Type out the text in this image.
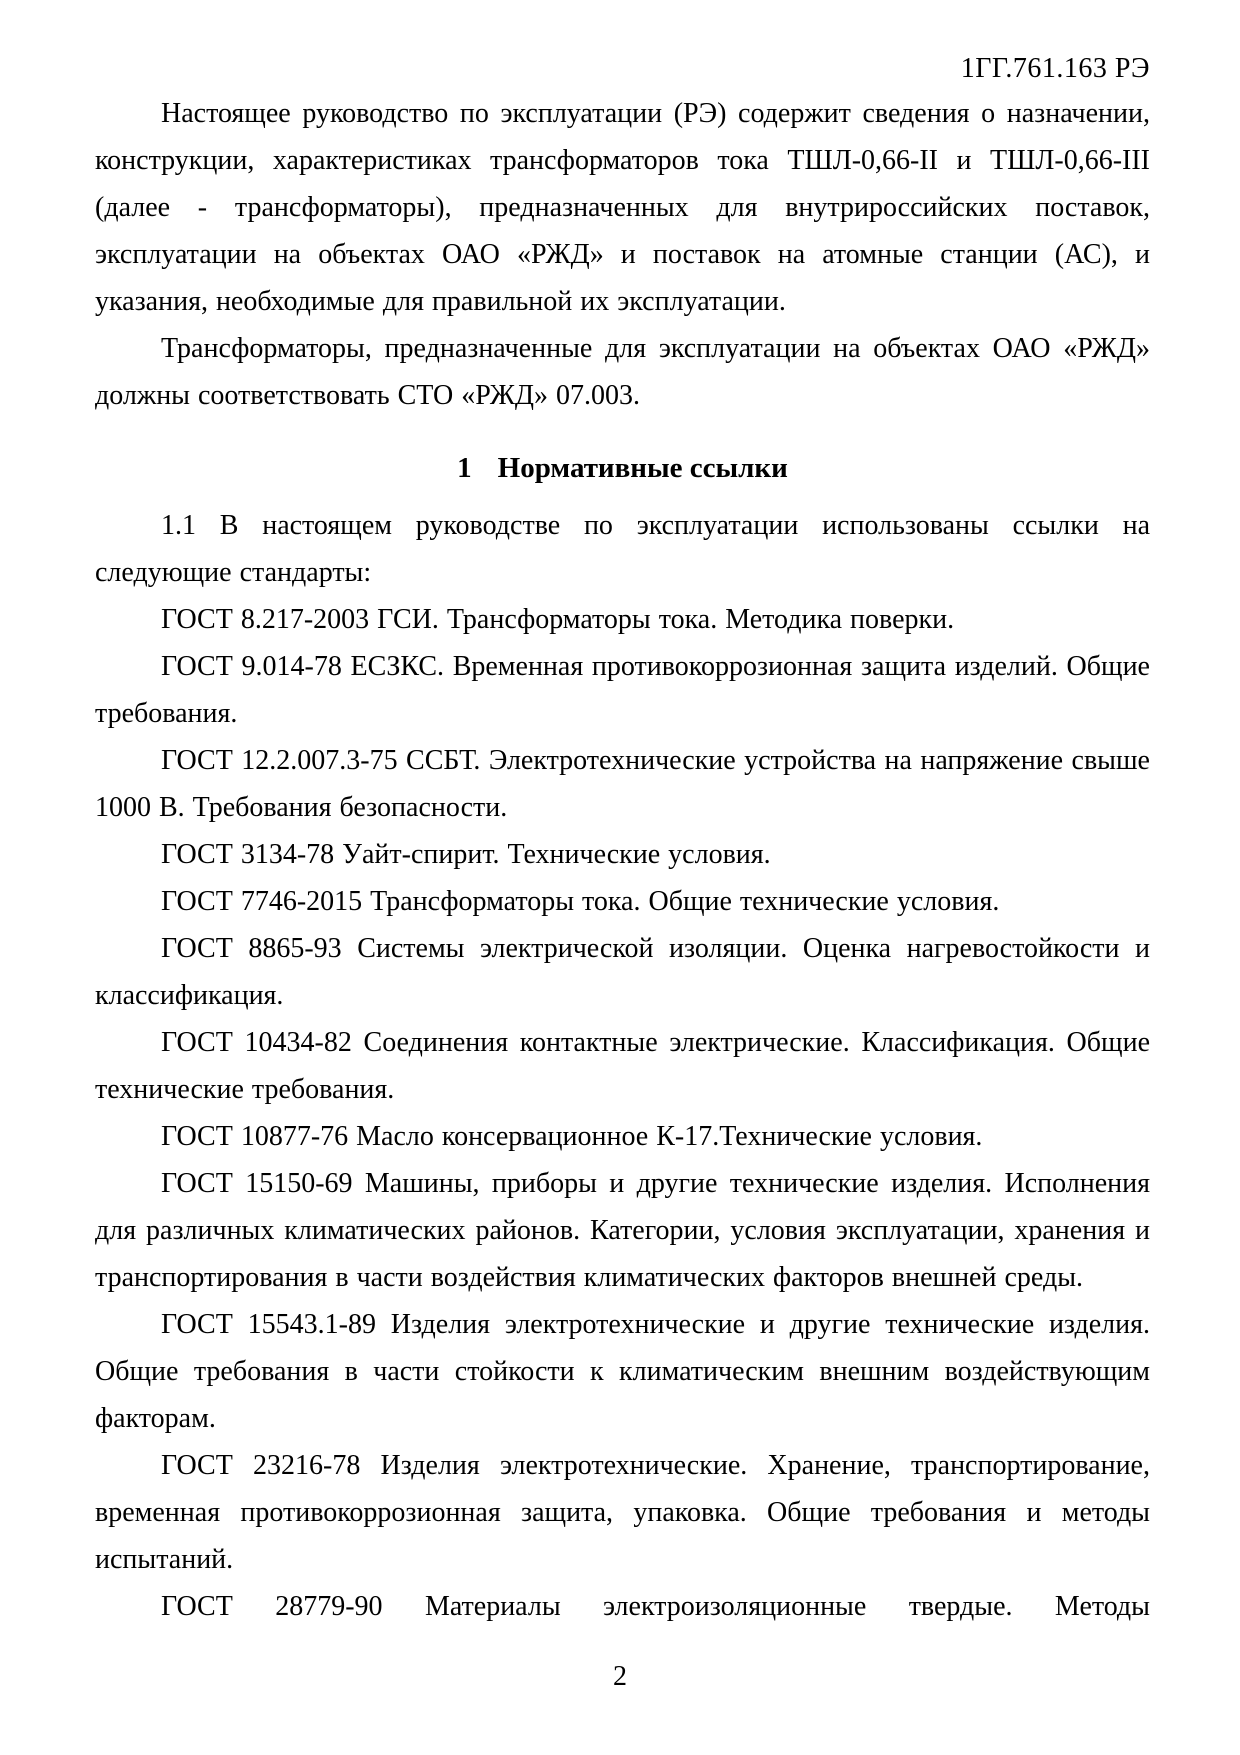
1ГГ.761.163 РЭ

Настоящее руководство по эксплуатации (РЭ) содержит сведения о назначении, конструкции, характеристиках трансформаторов тока ТШЛ-0,66-II и ТШЛ-0,66-III (далее - трансформаторы), предназначенных для внутрироссийских поставок, эксплуатации на объектах ОАО «РЖД» и поставок на атомные станции (АС), и указания, необходимые для правильной их эксплуатации.

Трансформаторы, предназначенные для эксплуатации на объектах ОАО «РЖД» должны соответствовать СТО «РЖД» 07.003.

1 Нормативные ссылки

1.1 В настоящем руководстве по эксплуатации использованы ссылки на следующие стандарты:

ГОСТ 8.217-2003 ГСИ. Трансформаторы тока. Методика поверки.

ГОСТ 9.014-78 ЕСЗКС. Временная противокоррозионная защита изделий. Общие требования.

ГОСТ 12.2.007.3-75 ССБТ. Электротехнические устройства на напряжение свыше 1000 В. Требования безопасности.

ГОСТ 3134-78 Уайт-спирит. Технические условия.

ГОСТ 7746-2015 Трансформаторы тока. Общие технические условия.

ГОСТ 8865-93 Системы электрической изоляции. Оценка нагревостойкости и классификация.

ГОСТ 10434-82 Соединения контактные электрические. Классификация. Общие технические требования.

ГОСТ 10877-76 Масло консервационное К-17.Технические условия.

ГОСТ 15150-69 Машины, приборы и другие технические изделия. Исполнения для различных климатических районов. Категории, условия эксплуатации, хранения и транспортирования в части воздействия климатических факторов внешней среды.

ГОСТ 15543.1-89 Изделия электротехнические и другие технические изделия. Общие требования в части стойкости к климатическим внешним воздействующим факторам.

ГОСТ 23216-78 Изделия электротехнические. Хранение, транспортирование, временная противокоррозионная защита, упаковка. Общие требования и методы испытаний.

ГОСТ 28779-90 Материалы электроизоляционные твердые. Методы

2
